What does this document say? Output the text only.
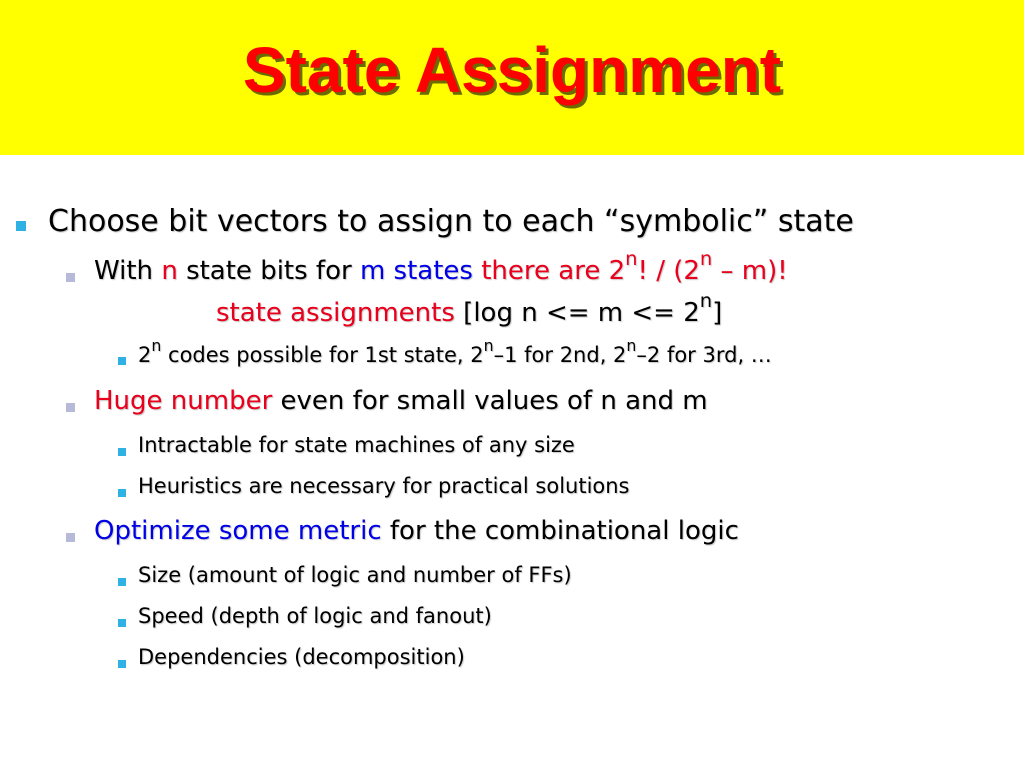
State Assignment
Choose bit vectors to assign to each “symbolic” state
With n state bits for m states there are 2$^n$! / (2$^n$ – m)!
state assignments [log $n <= m <= 2^n$]
2$^n$ codes possible for 1st state, 2$^n$–1 for 2nd, 2$^n$–2 for 3rd, …
Huge number even for small values of n and m
Intractable for state machines of any size
Heuristics are necessary for practical solutions
Optimize some metric for the combinational logic
Size (amount of logic and number of FFs)
Speed (depth of logic and fanout)
Dependencies (decomposition)
